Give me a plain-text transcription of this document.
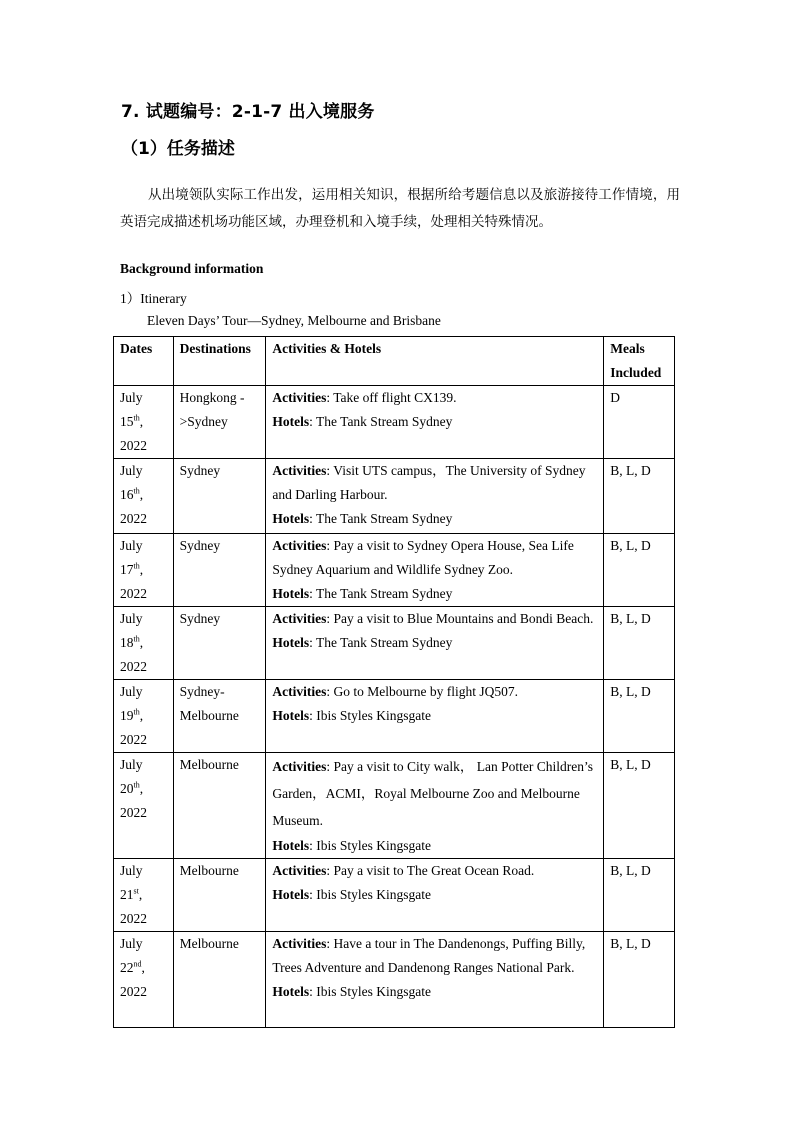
7. 试题编号：2-1-7 出入境服务
（1）任务描述
从出境领队实际工作出发，运用相关知识，根据所给考题信息以及旅游接待工作情境，用英语完成描述机场功能区域，办理登机和入境手续，处理相关特殊情况。
Background information
1）Itinerary
Eleven Days’ Tour—Sydney, Melbourne and Brisbane
Dates	Destinations	Activities & Hotels	Meals Included
July 15th, 2022	Hongkong ->Sydney	Activities: Take off flight CX139.
Hotels: The Tank Stream Sydney	D
July 16th, 2022	Sydney	Activities: Visit UTS campus，The University of Sydney and Darling Harbour.
Hotels: The Tank Stream Sydney	B, L, D
July 17th, 2022	Sydney	Activities: Pay a visit to Sydney Opera House, Sea Life Sydney Aquarium and Wildlife Sydney Zoo.
Hotels: The Tank Stream Sydney	B, L, D
July 18th, 2022	Sydney	Activities: Pay a visit to Blue Mountains and Bondi Beach.
Hotels: The Tank Stream Sydney	B, L, D
July 19th, 2022	Sydney- Melbourne	Activities: Go to Melbourne by flight JQ507.
Hotels: Ibis Styles Kingsgate	B, L, D
July 20th, 2022	Melbourne	Activities: Pay a visit to City walk， Lan Potter Children’s Garden，ACMI，Royal Melbourne Zoo and Melbourne Museum.
Hotels: Ibis Styles Kingsgate	B, L, D
July 21st, 2022	Melbourne	Activities: Pay a visit to The Great Ocean Road.
Hotels: Ibis Styles Kingsgate	B, L, D
July 22nd, 2022	Melbourne	Activities: Have a tour in The Dandenongs, Puffing Billy, Trees Adventure and Dandenong Ranges National Park.
Hotels: Ibis Styles Kingsgate	B, L, D
